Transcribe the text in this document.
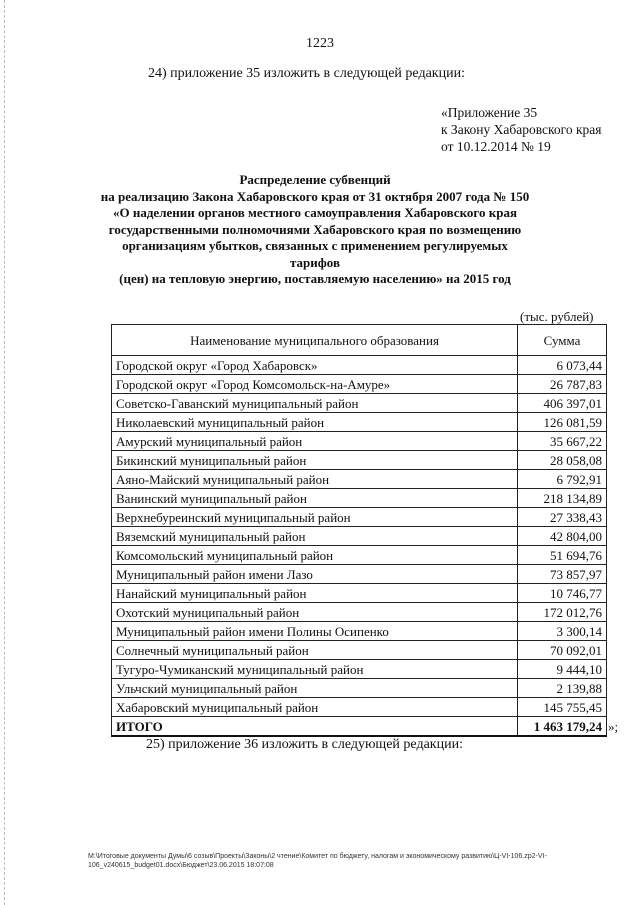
1223
24) приложение 35 изложить в следующей редакции:
«Приложение 35
к Закону Хабаровского края
от 10.12.2014 № 19
Распределение субвенций
на реализацию Закона Хабаровского края от 31 октября 2007 года № 150
«О наделении органов местного самоуправления Хабаровского края
государственными полномочиями Хабаровского края по возмещению
организациям убытков, связанных с применением регулируемых тарифов
(цен) на тепловую энергию, поставляемую населению» на 2015 год
(тыс. рублей)
Наименование муниципального образования	Сумма
Городской округ «Город Хабаровск»	6 073,44
Городской округ «Город Комсомольск-на-Амуре»	26 787,83
Советско-Гаванский муниципальный район	406 397,01
Николаевский муниципальный район	126 081,59
Амурский муниципальный район	35 667,22
Бикинский муниципальный район	28 058,08
Аяно-Майский муниципальный район	6 792,91
Ванинский муниципальный район	218 134,89
Верхнебуреинский муниципальный район	27 338,43
Вяземский муниципальный район	42 804,00
Комсомольский муниципальный район	51 694,76
Муниципальный район имени Лазо	73 857,97
Нанайский муниципальный район	10 746,77
Охотский муниципальный район	172 012,76
Муниципальный район имени Полины Осипенко	3 300,14
Солнечный муниципальный район	70 092,01
Тугуро-Чумиканский муниципальный район	9 444,10
Ульчский муниципальный район	2 139,88
Хабаровский муниципальный район	145 755,45
ИТОГО	1 463 179,24 »;
25) приложение 36 изложить в следующей редакции:
M:\Итоговые документы Думы\6 созыв\Проекты\Законы\2 чтение\Комитет по бюджету, налогам и экономическому развитию\Ц-VI-106.zp2-VI-106_v240615_budget01.docx\Бюджет\23.06.2015 18:07:08
